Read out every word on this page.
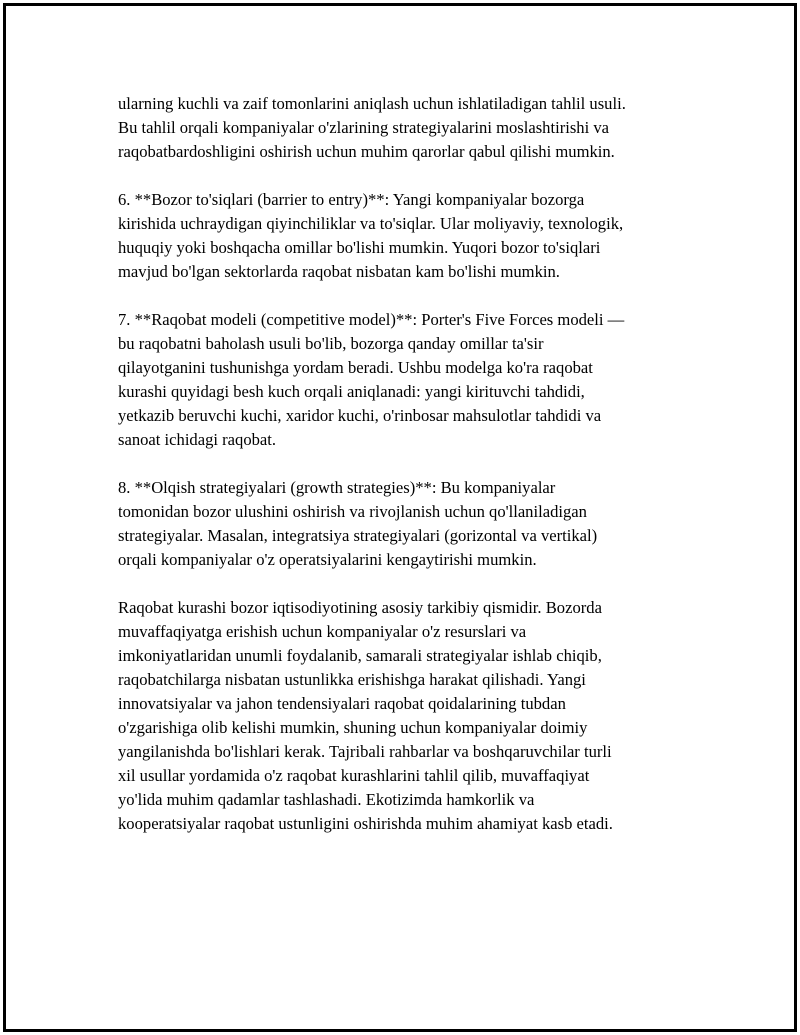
ularning kuchli va zaif tomonlarini aniqlash uchun ishlatiladigan tahlil usuli.
Bu tahlil orqali kompaniyalar o'zlarining strategiyalarini moslashtirishi va
raqobatbardoshligini oshirish uchun muhim qarorlar qabul qilishi mumkin.

6. **Bozor to'siqlari (barrier to entry)**: Yangi kompaniyalar bozorga
kirishida uchraydigan qiyinchiliklar va to'siqlar. Ular moliyaviy, texnologik,
huquqiy yoki boshqacha omillar bo'lishi mumkin. Yuqori bozor to'siqlari
mavjud bo'lgan sektorlarda raqobat nisbatan kam bo'lishi mumkin.

7. **Raqobat modeli (competitive model)**: Porter's Five Forces modeli —
bu raqobatni baholash usuli bo'lib, bozorga qanday omillar ta'sir
qilayotganini tushunishga yordam beradi. Ushbu modelga ko'ra raqobat
kurashi quyidagi besh kuch orqali aniqlanadi: yangi kirituvchi tahdidi,
yetkazib beruvchi kuchi, xaridor kuchi, o'rinbosar mahsulotlar tahdidi va
sanoat ichidagi raqobat.

8. **Olqish strategiyalari (growth strategies)**: Bu kompaniyalar
tomonidan bozor ulushini oshirish va rivojlanish uchun qo'llaniladigan
strategiyalar. Masalan, integratsiya strategiyalari (gorizontal va vertikal)
orqali kompaniyalar o'z operatsiyalarini kengaytirishi mumkin.

Raqobat kurashi bozor iqtisodiyotining asosiy tarkibiy qismidir. Bozorda
muvaffaqiyatga erishish uchun kompaniyalar o'z resurslari va
imkoniyatlaridan unumli foydalanib, samarali strategiyalar ishlab chiqib,
raqobatchilarga nisbatan ustunlikka erishishga harakat qilishadi. Yangi
innovatsiyalar va jahon tendensiyalari raqobat qoidalarining tubdan
o'zgarishiga olib kelishi mumkin, shuning uchun kompaniyalar doimiy
yangilanishda bo'lishlari kerak. Tajribali rahbarlar va boshqaruvchilar turli
xil usullar yordamida o'z raqobat kurashlarini tahlil qilib, muvaffaqiyat
yo'lida muhim qadamlar tashlashadi. Ekotizimda hamkorlik va
kooperatsiyalar raqobat ustunligini oshirishda muhim ahamiyat kasb etadi.
